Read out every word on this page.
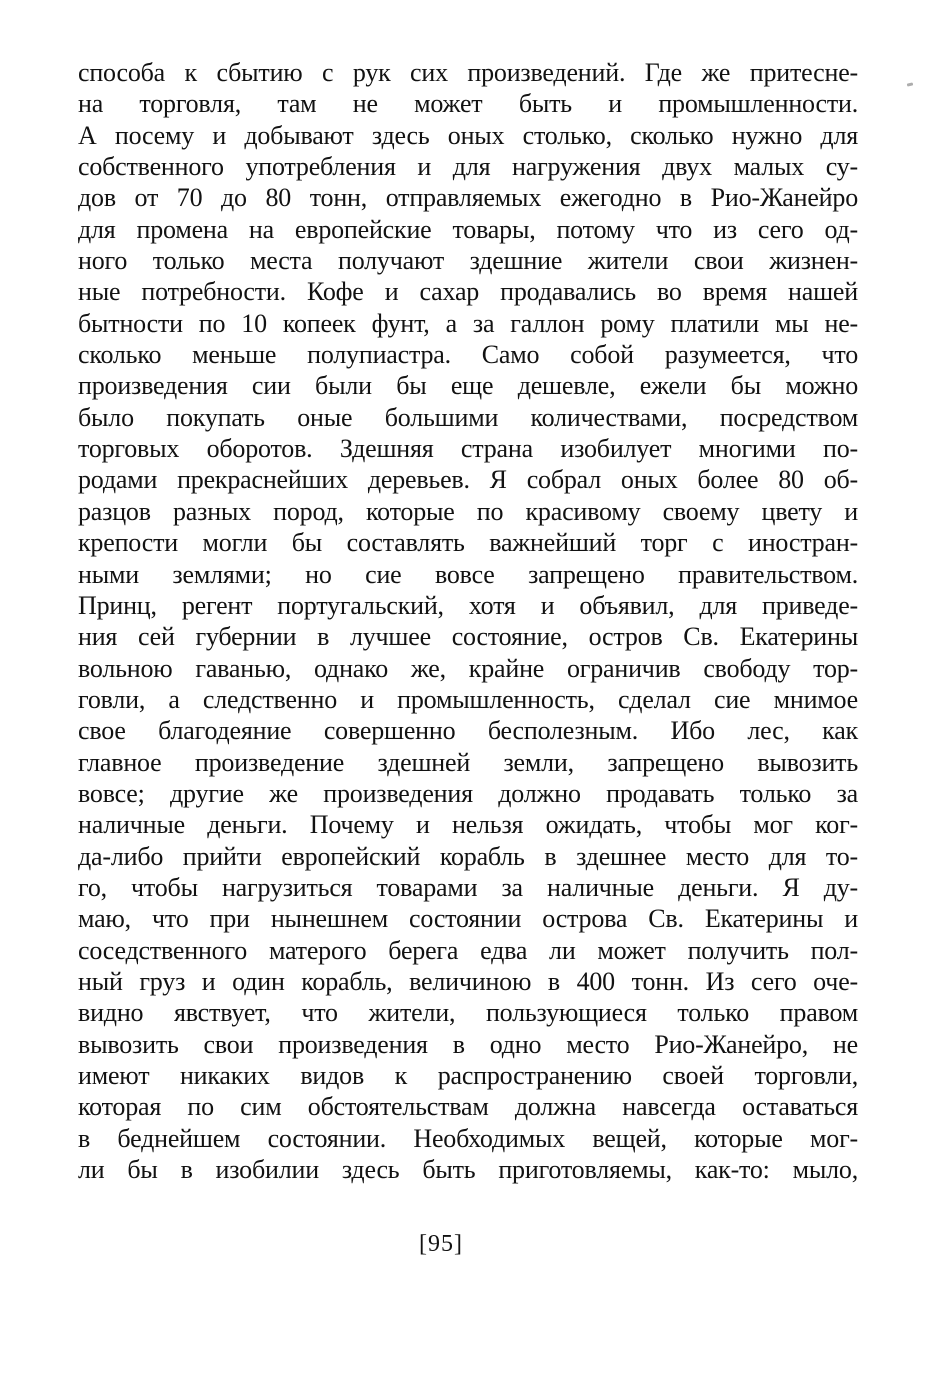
способа к сбытию с рук сих произведений. Где же притесне-
на торговля, там не может быть и промышленности.
А посему и добывают здесь оных столько, сколько нужно для
собственного употребления и для нагружения двух малых су-
дов от 70 до 80 тонн, отправляемых ежегодно в Рио-Жанейро
для промена на европейские товары, потому что из сего од-
ного только места получают здешние жители свои жизнен-
ные потребности. Кофе и сахар продавались во время нашей
бытности по 10 копеек фунт, а за галлон рому платили мы не-
сколько меньше полупиастра. Само собой разумеется, что
произведения сии были бы еще дешевле, ежели бы можно
было покупать оные большими количествами, посредством
торговых оборотов. Здешняя страна изобилует многими по-
родами прекраснейших деревьев. Я собрал оных более 80 об-
разцов разных пород, которые по красивому своему цвету и
крепости могли бы составлять важнейший торг с иностран-
ными землями; но сие вовсе запрещено правительством.
Принц, регент португальский, хотя и объявил, для приведе-
ния сей губернии в лучшее состояние, остров Св. Екатерины
вольною гаванью, однако же, крайне ограничив свободу тор-
говли, а следственно и промышленность, сделал сие мнимое
свое благодеяние совершенно бесполезным. Ибо лес, как
главное произведение здешней земли, запрещено вывозить
вовсе; другие же произведения должно продавать только за
наличные деньги. Почему и нельзя ожидать, чтобы мог ког-
да-либо прийти европейский корабль в здешнее место для то-
го, чтобы нагрузиться товарами за наличные деньги. Я ду-
маю, что при нынешнем состоянии острова Св. Екатерины и
соседственного матерого берега едва ли может получить пол-
ный груз и один корабль, величиною в 400 тонн. Из сего оче-
видно явствует, что жители, пользующиеся только правом
вывозить свои произведения в одно место Рио-Жанейро, не
имеют никаких видов к распространению своей торговли,
которая по сим обстоятельствам должна навсегда оставаться
в беднейшем состоянии. Необходимых вещей, которые мог-
ли бы в изобилии здесь быть приготовляемы, как-то: мыло,
[95]
